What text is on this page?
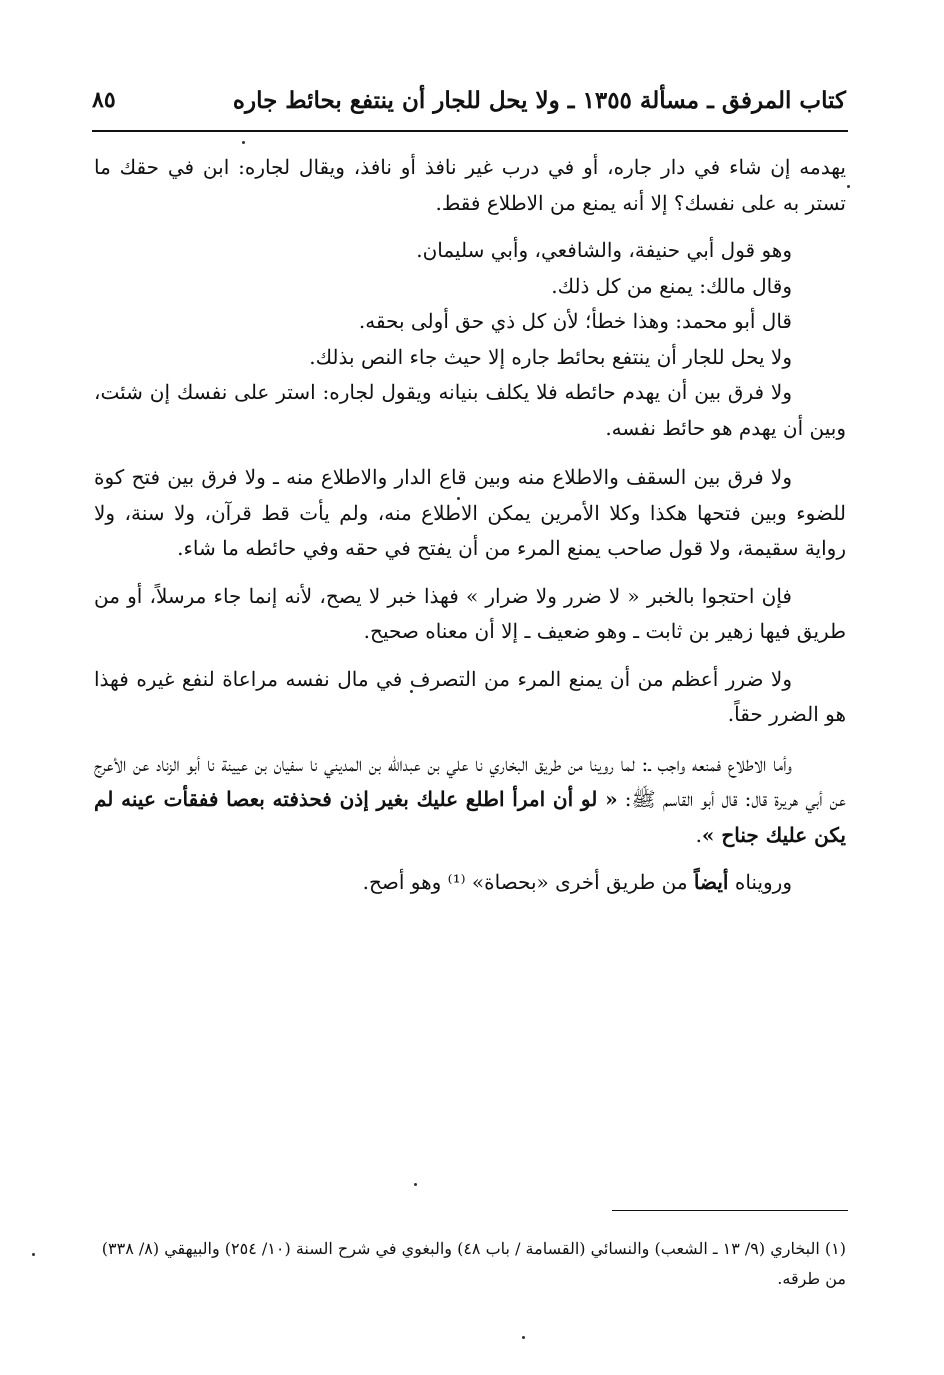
كتاب المرفق ـ مسألة ١٣٥٥ ـ ولا يحل للجار أن ينتفع بحائط جاره
٨٥

يهدمه إن شاء في دار جاره، أو في درب غير نافذ أو نافذ، ويقال لجاره: ابن في حقك ما تستر به على نفسك؟ إلا أنه يمنع من الاطلاع فقط.

وهو قول أبي حنيفة، والشافعي، وأبي سليمان.

وقال مالك: يمنع من كل ذلك.

قال أبو محمد: وهذا خطأ؛ لأن كل ذي حق أولى بحقه.

ولا يحل للجار أن ينتفع بحائط جاره إلا حيث جاء النص بذلك.

ولا فرق بين أن يهدم حائطه فلا يكلف بنيانه ويقول لجاره: استر على نفسك إن شئت، وبين أن يهدم هو حائط نفسه.

ولا فرق بين السقف والاطلاع منه وبين قاع الدار والاطلاع منه ـ ولا فرق بين فتح كوة للضوء وبين فتحها هكذا وكلا الأمرين يمكن الاطلاع منه، ولم يأت قط قرآن، ولا سنة، ولا رواية سقيمة، ولا قول صاحب يمنع المرء من أن يفتح في حقه وفي حائطه ما شاء.

فإن احتجوا بالخبر « لا ضرر ولا ضرار » فهذا خبر لا يصح، لأنه إنما جاء مرسلاً، أو من طريق فيها زهير بن ثابت ـ وهو ضعيف ـ إلا أن معناه صحيح.

ولا ضرر أعظم من أن يمنع المرء من التصرف في مال نفسه مراعاة لنفع غيره فهذا هو الضرر حقاً.

وأما الاطلاع فمنعه واجب ـ: لما روينا من طريق البخاري نا علي بن عبدالله بن المديني نا سفيان بن عيينة نا أبو الزناد عن الأعرج عن أبي هريرة قال: قال أبو القاسم ﷺ: « لو أن امرأ اطلع عليك بغير إذن فحذفته بعصا ففقأت عينه لم يكن عليك جناح ».

ورويناه أيضاً من طريق أخرى «بحصاة» ⁽¹⁾ وهو أصح.

(١) البخاري (٩/ ١٣ ـ الشعب) والنسائي (القسامة / باب ٤٨) والبغوي في شرح السنة (١٠/ ٢٥٤) والبيهقي (٨/ ٣٣٨) من طرقه.
